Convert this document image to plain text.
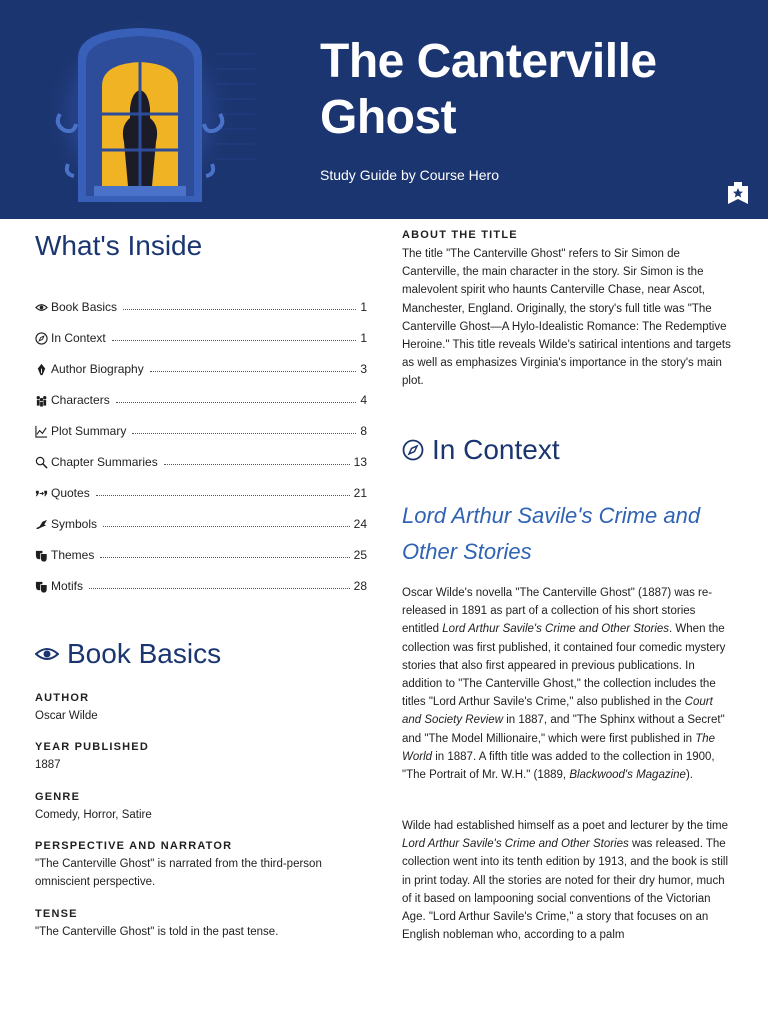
The Canterville Ghost
Study Guide by Course Hero
What's Inside
Book Basics	1
In Context	1
Author Biography	3
Characters	4
Plot Summary	8
Chapter Summaries	13
Quotes	21
Symbols	24
Themes	25
Motifs	28
Book Basics
AUTHOR
Oscar Wilde
YEAR PUBLISHED
1887
GENRE
Comedy, Horror, Satire
PERSPECTIVE AND NARRATOR
"The Canterville Ghost" is narrated from the third-person omniscient perspective.
TENSE
"The Canterville Ghost" is told in the past tense.
ABOUT THE TITLE
The title "The Canterville Ghost" refers to Sir Simon de Canterville, the main character in the story. Sir Simon is the malevolent spirit who haunts Canterville Chase, near Ascot, Manchester, England. Originally, the story's full title was "The Canterville Ghost—A Hylo-Idealistic Romance: The Redemptive Heroine." This title reveals Wilde's satirical intentions and targets as well as emphasizes Virginia's importance in the story's main plot.
In Context
Lord Arthur Savile's Crime and Other Stories
Oscar Wilde's novella "The Canterville Ghost" (1887) was re-released in 1891 as part of a collection of his short stories entitled Lord Arthur Savile's Crime and Other Stories. When the collection was first published, it contained four comedic mystery stories that also first appeared in previous publications. In addition to "The Canterville Ghost," the collection includes the titles "Lord Arthur Savile's Crime," also published in the Court and Society Review in 1887, and "The Sphinx without a Secret" and "The Model Millionaire," which were first published in The World in 1887. A fifth title was added to the collection in 1900, "The Portrait of Mr. W.H." (1889, Blackwood's Magazine).
Wilde had established himself as a poet and lecturer by the time Lord Arthur Savile's Crime and Other Stories was released. The collection went into its tenth edition by 1913, and the book is still in print today. All the stories are noted for their dry humor, much of it based on lampooning social conventions of the Victorian Age. "Lord Arthur Savile's Crime," a story that focuses on an English nobleman who, according to a palm
